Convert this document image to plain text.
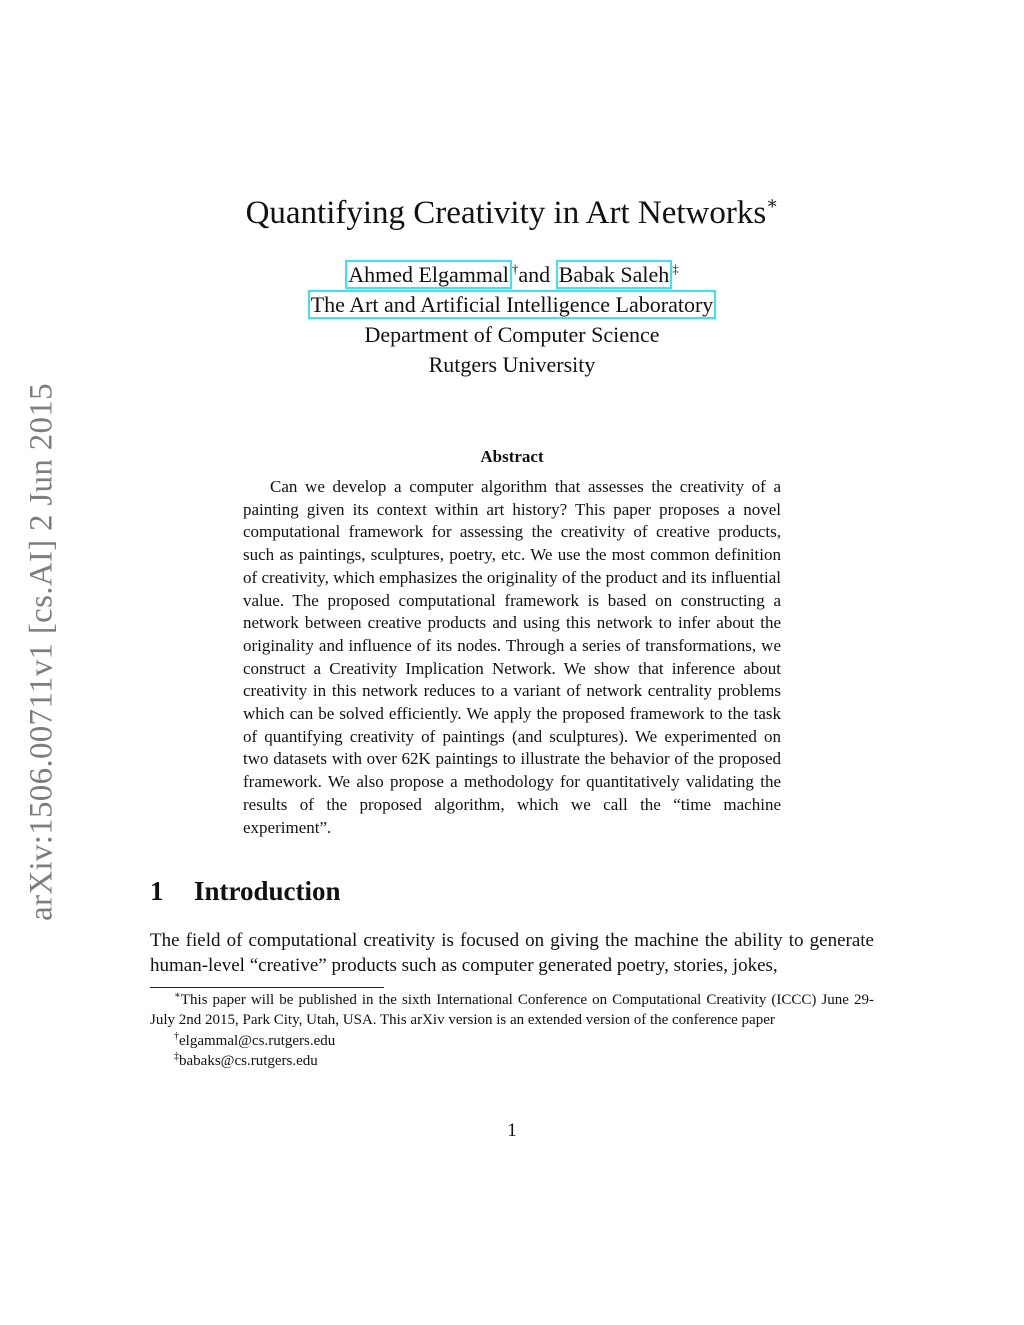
arXiv:1506.00711v1 [cs.AI] 2 Jun 2015
Quantifying Creativity in Art Networks∗
Ahmed Elgammal †and Babak Saleh ‡
The Art and Artificial Intelligence Laboratory
Department of Computer Science
Rutgers University
Abstract
Can we develop a computer algorithm that assesses the creativity of a painting given its context within art history? This paper proposes a novel computational framework for assessing the creativity of creative products, such as paintings, sculptures, poetry, etc. We use the most common definition of creativity, which emphasizes the originality of the product and its influential value. The proposed computational framework is based on constructing a network between creative products and using this network to infer about the originality and influence of its nodes. Through a series of transformations, we construct a Creativity Implication Network. We show that inference about creativity in this network reduces to a variant of network centrality problems which can be solved efficiently. We apply the proposed framework to the task of quantifying creativity of paintings (and sculptures). We experimented on two datasets with over 62K paintings to illustrate the behavior of the proposed framework. We also propose a methodology for quantitatively validating the results of the proposed algorithm, which we call the “time machine experiment”.
1 Introduction
The field of computational creativity is focused on giving the machine the ability to generate human-level “creative” products such as computer generated poetry, stories, jokes,
∗This paper will be published in the sixth International Conference on Computational Creativity (ICCC) June 29-July 2nd 2015, Park City, Utah, USA. This arXiv version is an extended version of the conference paper
†elgammal@cs.rutgers.edu
‡babaks@cs.rutgers.edu
1
